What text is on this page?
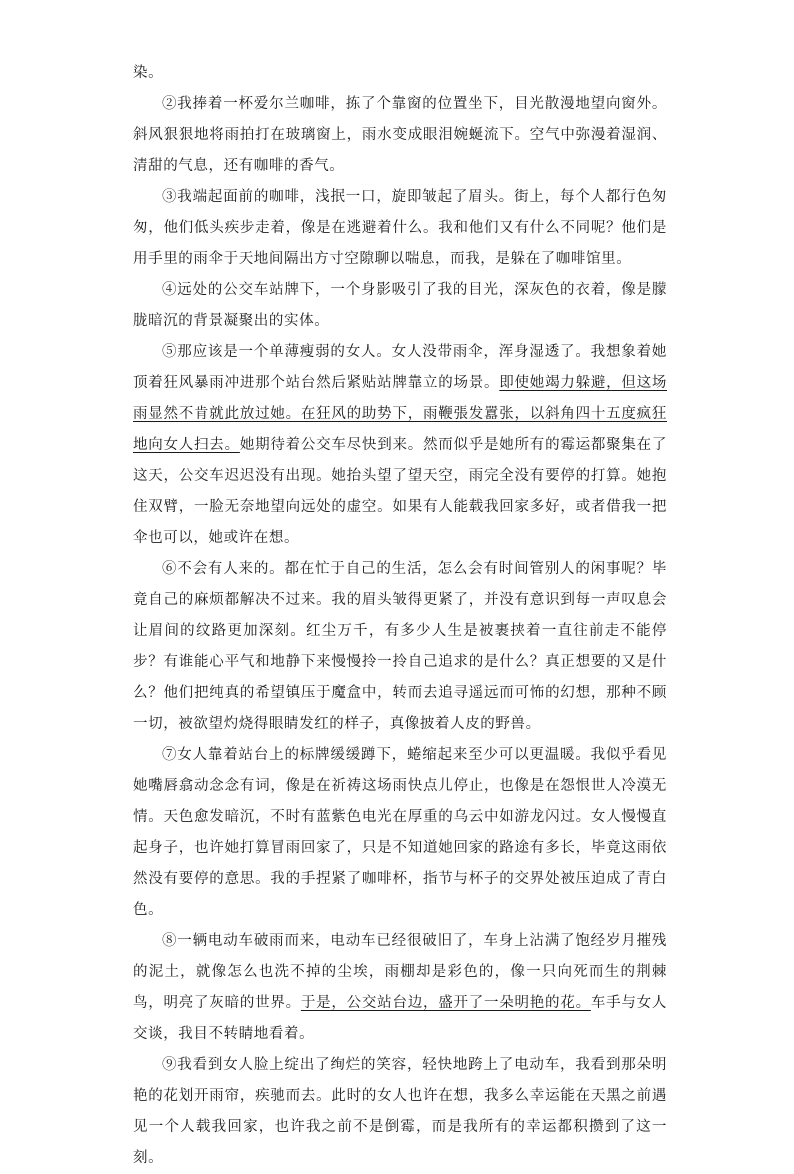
染。

②我捧着一杯爱尔兰咖啡，拣了个靠窗的位置坐下，目光散漫地望向窗外。斜风狠狠地将雨拍打在玻璃窗上，雨水变成眼泪婉蜒流下。空气中弥漫着湿润、清甜的气息，还有咖啡的香气。

③我端起面前的咖啡，浅抿一口，旋即皱起了眉头。街上，每个人都行色匆匆，他们低头疾步走着，像是在逃避着什么。我和他们又有什么不同呢？他们是用手里的雨伞于天地间隔出方寸空隙聊以喘息，而我，是躲在了咖啡馆里。

④远处的公交车站牌下，一个身影吸引了我的目光，深灰色的衣着，像是朦胧暗沉的背景凝聚出的实体。

⑤那应该是一个单薄瘦弱的女人。女人没带雨伞，浑身湿透了。我想象着她顶着狂风暴雨冲进那个站台然后紧贴站牌靠立的场景。即使她竭力躲避，但这场雨显然不肯就此放过她。在狂风的助势下，雨鞭張发囂张，以斜角四十五度疯狂地向女人扫去。她期待着公交车尽快到来。然而似乎是她所有的霉运都聚集在了这天，公交车迟迟没有出现。她抬头望了望天空，雨完全没有要停的打算。她抱住双臂，一脸无奈地望向远处的虚空。如果有人能载我回家多好，或者借我一把伞也可以，她或许在想。

⑥不会有人来的。都在忙于自己的生活，怎么会有时间管别人的闲事呢？毕竟自己的麻烦都解决不过来。我的眉头皱得更紧了，并没有意识到每一声叹息会让眉间的纹路更加深刻。红尘万千，有多少人生是被裹挟着一直往前走不能停步？有谁能心平气和地静下来慢慢拎一拎自己追求的是什么？真正想要的又是什么？他们把纯真的希望镇压于魔盒中，转而去追寻遥远而可怖的幻想，那种不顾一切，被欲望灼烧得眼睛发红的样子，真像披着人皮的野兽。

⑦女人靠着站台上的标牌缓缓蹲下，蜷缩起来至少可以更温暖。我似乎看见她嘴唇翕动念念有词，像是在祈祷这场雨快点儿停止，也像是在怨恨世人冷漠无情。天色愈发暗沉，不时有蓝紫色电光在厚重的乌云中如游龙闪过。女人慢慢直起身子，也许她打算冒雨回家了，只是不知道她回家的路途有多长，毕竟这雨依然没有要停的意思。我的手捏紧了咖啡杯，指节与杯子的交界处被压迫成了青白色。

⑧一辆电动车破雨而来，电动车已经很破旧了，车身上沾满了饱经岁月摧残的泥土，就像怎么也洗不掉的尘埃，雨棚却是彩色的，像一只向死而生的荆棘鸟，明亮了灰暗的世界。于是，公交站台边，盛开了一朵明艳的花。车手与女人交谈，我目不转睛地看着。

⑨我看到女人脸上绽出了绚烂的笑容，轻快地跨上了电动车，我看到那朵明艳的花划开雨帘，疾驰而去。此时的女人也许在想，我多么幸运能在天黑之前遇见一个人载我回家，也许我之前不是倒霉，而是我所有的幸运都积攒到了这一刻。
